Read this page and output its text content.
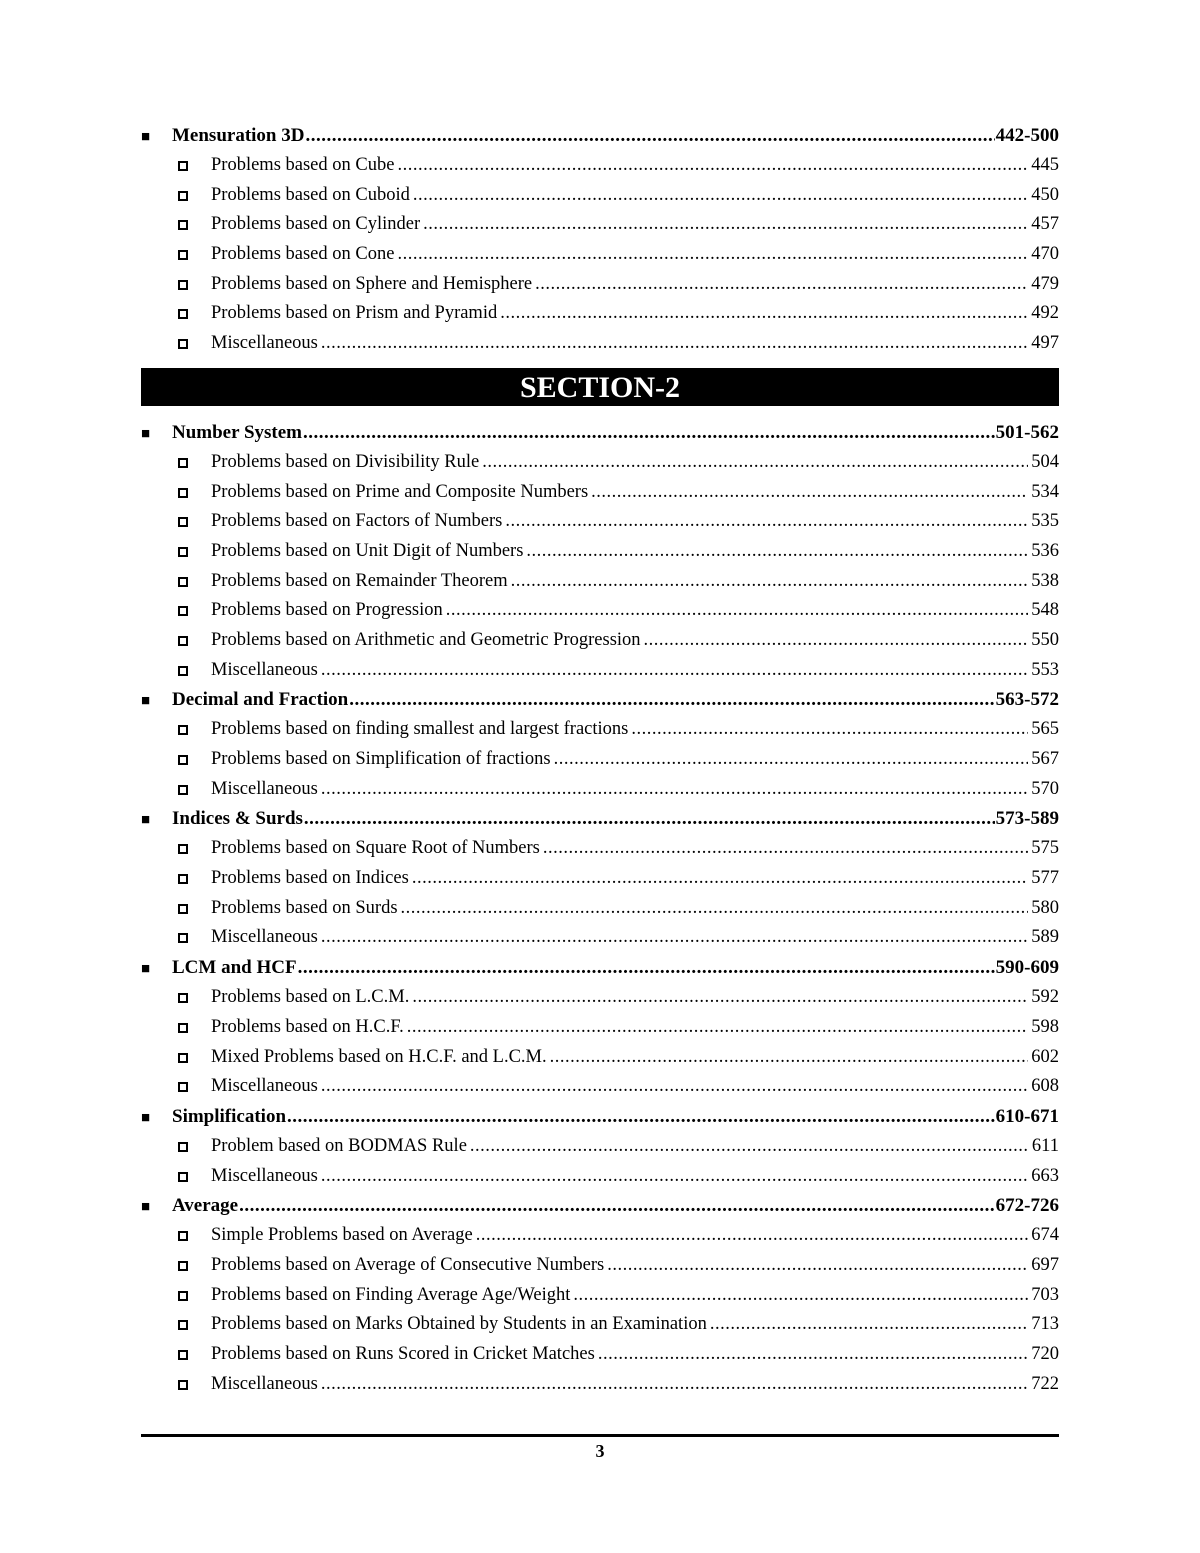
■	Mensuration 3D .....	442-500
Problems based on Cube .....	445
Problems based on Cuboid .....	450
Problems based on Cylinder .....	457
Problems based on Cone .....	470
Problems based on Sphere and Hemisphere .....	479
Problems based on Prism and Pyramid .....	492
Miscellaneous .....	497
SECTION-2
■	Number System .....	501-562
Problems based on Divisibility Rule .....	504
Problems based on Prime and Composite Numbers .....	534
Problems based on Factors of Numbers .....	535
Problems based on Unit Digit of Numbers .....	536
Problems based on Remainder Theorem .....	538
Problems based on Progression .....	548
Problems based on Arithmetic and Geometric Progression .....	550
Miscellaneous .....	553
■	Decimal and Fraction .....	563-572
Problems based on finding smallest and largest fractions .....	565
Problems based on Simplification of fractions .....	567
Miscellaneous .....	570
■	Indices & Surds .....	573-589
Problems based on Square Root of Numbers .....	575
Problems based on Indices .....	577
Problems based on Surds .....	580
Miscellaneous .....	589
■	LCM and HCF .....	590-609
Problems based on L.C.M. .....	592
Problems based on H.C.F. .....	598
Mixed Problems based on H.C.F. and L.C.M. .....	602
Miscellaneous .....	608
■	Simplification .....	610-671
Problem based on BODMAS Rule .....	611
Miscellaneous .....	663
■	Average .....	672-726
Simple Problems based on Average .....	674
Problems based on Average of Consecutive Numbers .....	697
Problems based on Finding Average Age/Weight .....	703
Problems based on Marks Obtained by Students in an Examination .....	713
Problems based on Runs Scored in Cricket Matches .....	720
Miscellaneous .....	722
3
